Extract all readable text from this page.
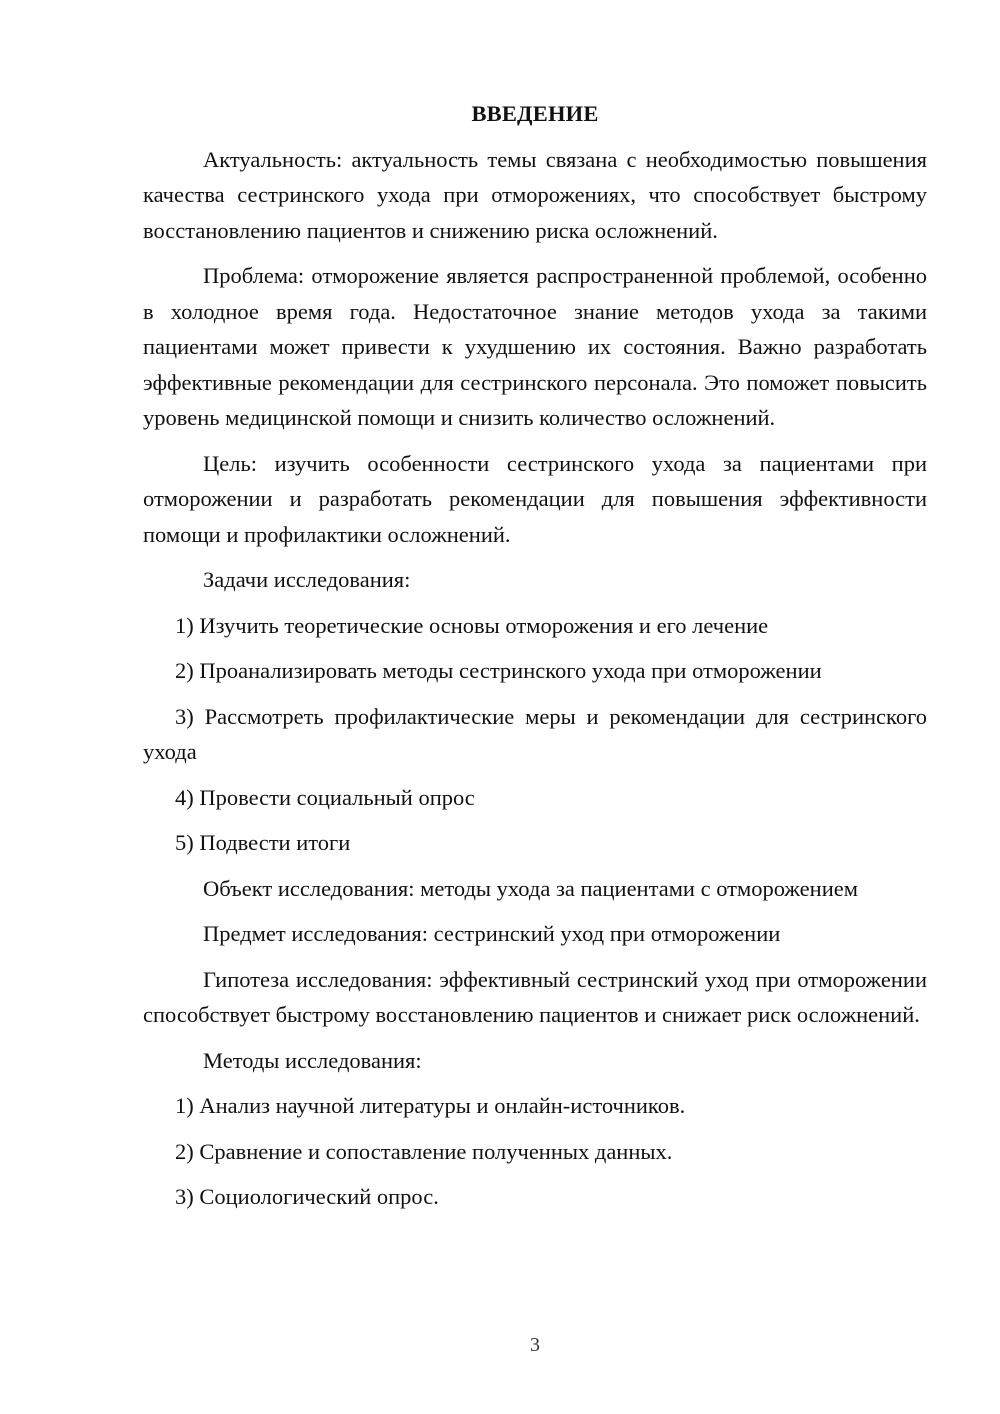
ВВЕДЕНИЕ
Актуальность: актуальность темы связана с необходимостью повышения качества сестринского ухода при отморожениях, что способствует быстрому восстановлению пациентов и снижению риска осложнений.
Проблема: отморожение является распространенной проблемой, особенно в холодное время года. Недостаточное знание методов ухода за такими пациентами может привести к ухудшению их состояния. Важно разработать эффективные рекомендации для сестринского персонала. Это поможет повысить уровень медицинской помощи и снизить количество осложнений.
Цель: изучить особенности сестринского ухода за пациентами при отморожении и разработать рекомендации для повышения эффективности помощи и профилактики осложнений.
Задачи исследования:
1) Изучить теоретические основы отморожения и его лечение
2) Проанализировать методы сестринского ухода при отморожении
3) Рассмотреть профилактические меры и рекомендации для сестринского ухода
4) Провести социальный опрос
5) Подвести итоги
Объект исследования: методы ухода за пациентами с отморожением
Предмет исследования: сестринский уход при отморожении
Гипотеза исследования: эффективный сестринский уход при отморожении способствует быстрому восстановлению пациентов и снижает риск осложнений.
Методы исследования:
1) Анализ научной литературы и онлайн-источников.
2) Сравнение и сопоставление полученных данных.
3) Социологический опрос.
3
